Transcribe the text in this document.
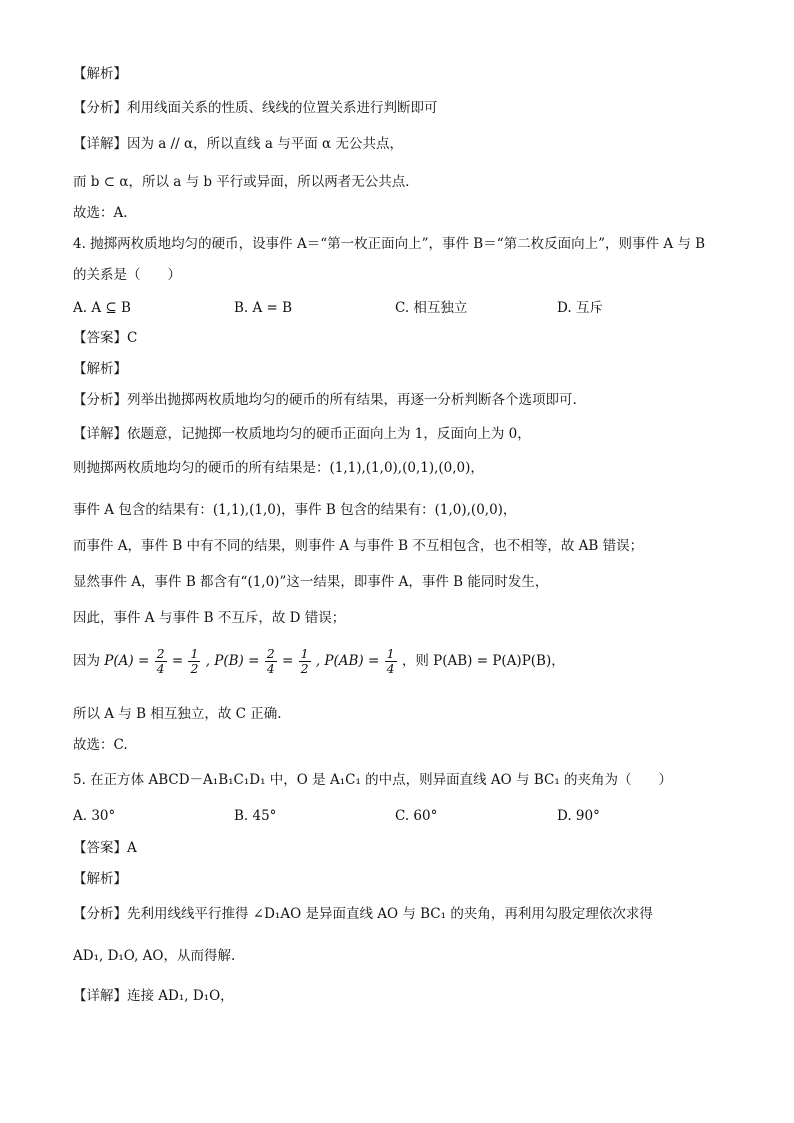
【解析】
【分析】利用线面关系的性质、线线的位置关系进行判断即可
【详解】因为 a // α，所以直线 a 与平面 α 无公共点，
而 b ⊂ α，所以 a 与 b 平行或异面，所以两者无公共点．
故选：A.
4. 抛掷两枚质地均匀的硬币，设事件 A＝“第一枚正面向上”，事件 B＝“第二枚反面向上”，则事件 A 与 B
的关系是（　　）
A. A ⊆ B	B. A = B	C. 相互独立	D. 互斥
【答案】C
【解析】
【分析】列举出抛掷两枚质地均匀的硬币的所有结果，再逐一分析判断各个选项即可.
【详解】依题意，记抛掷一枚质地均匀的硬币正面向上为 1，反面向上为 0，
则抛掷两枚质地均匀的硬币的所有结果是：(1,1),(1,0),(0,1),(0,0)，
事件 A 包含的结果有：(1,1),(1,0)，事件 B 包含的结果有：(1,0),(0,0)，
而事件 A，事件 B 中有不同的结果，则事件 A 与事件 B 不互相包含，也不相等，故 AB 错误；
显然事件 A，事件 B 都含有“(1,0)”这一结果，即事件 A，事件 B 能同时发生，
因此，事件 A 与事件 B 不互斥，故 D 错误；
因为 $P(A) = \frac{2}{4} = \frac{1}{2}$ , $P(B) = \frac{2}{4} = \frac{1}{2}$ , $P(AB) = \frac{1}{4}$ ，则 P(AB) = P(A)P(B)，
所以 A 与 B 相互独立，故 C 正确.
故选：C.
5. 在正方体 ABCD－A₁B₁C₁D₁ 中，O 是 A₁C₁ 的中点，则异面直线 AO 与 BC₁ 的夹角为（　　）
A. 30°	B. 45°	C. 60°	D. 90°
【答案】A
【解析】
【分析】先利用线线平行推得 ∠D₁AO 是异面直线 AO 与 BC₁ 的夹角，再利用勾股定理依次求得
AD₁, D₁O, AO，从而得解.
【详解】连接 AD₁, D₁O，
